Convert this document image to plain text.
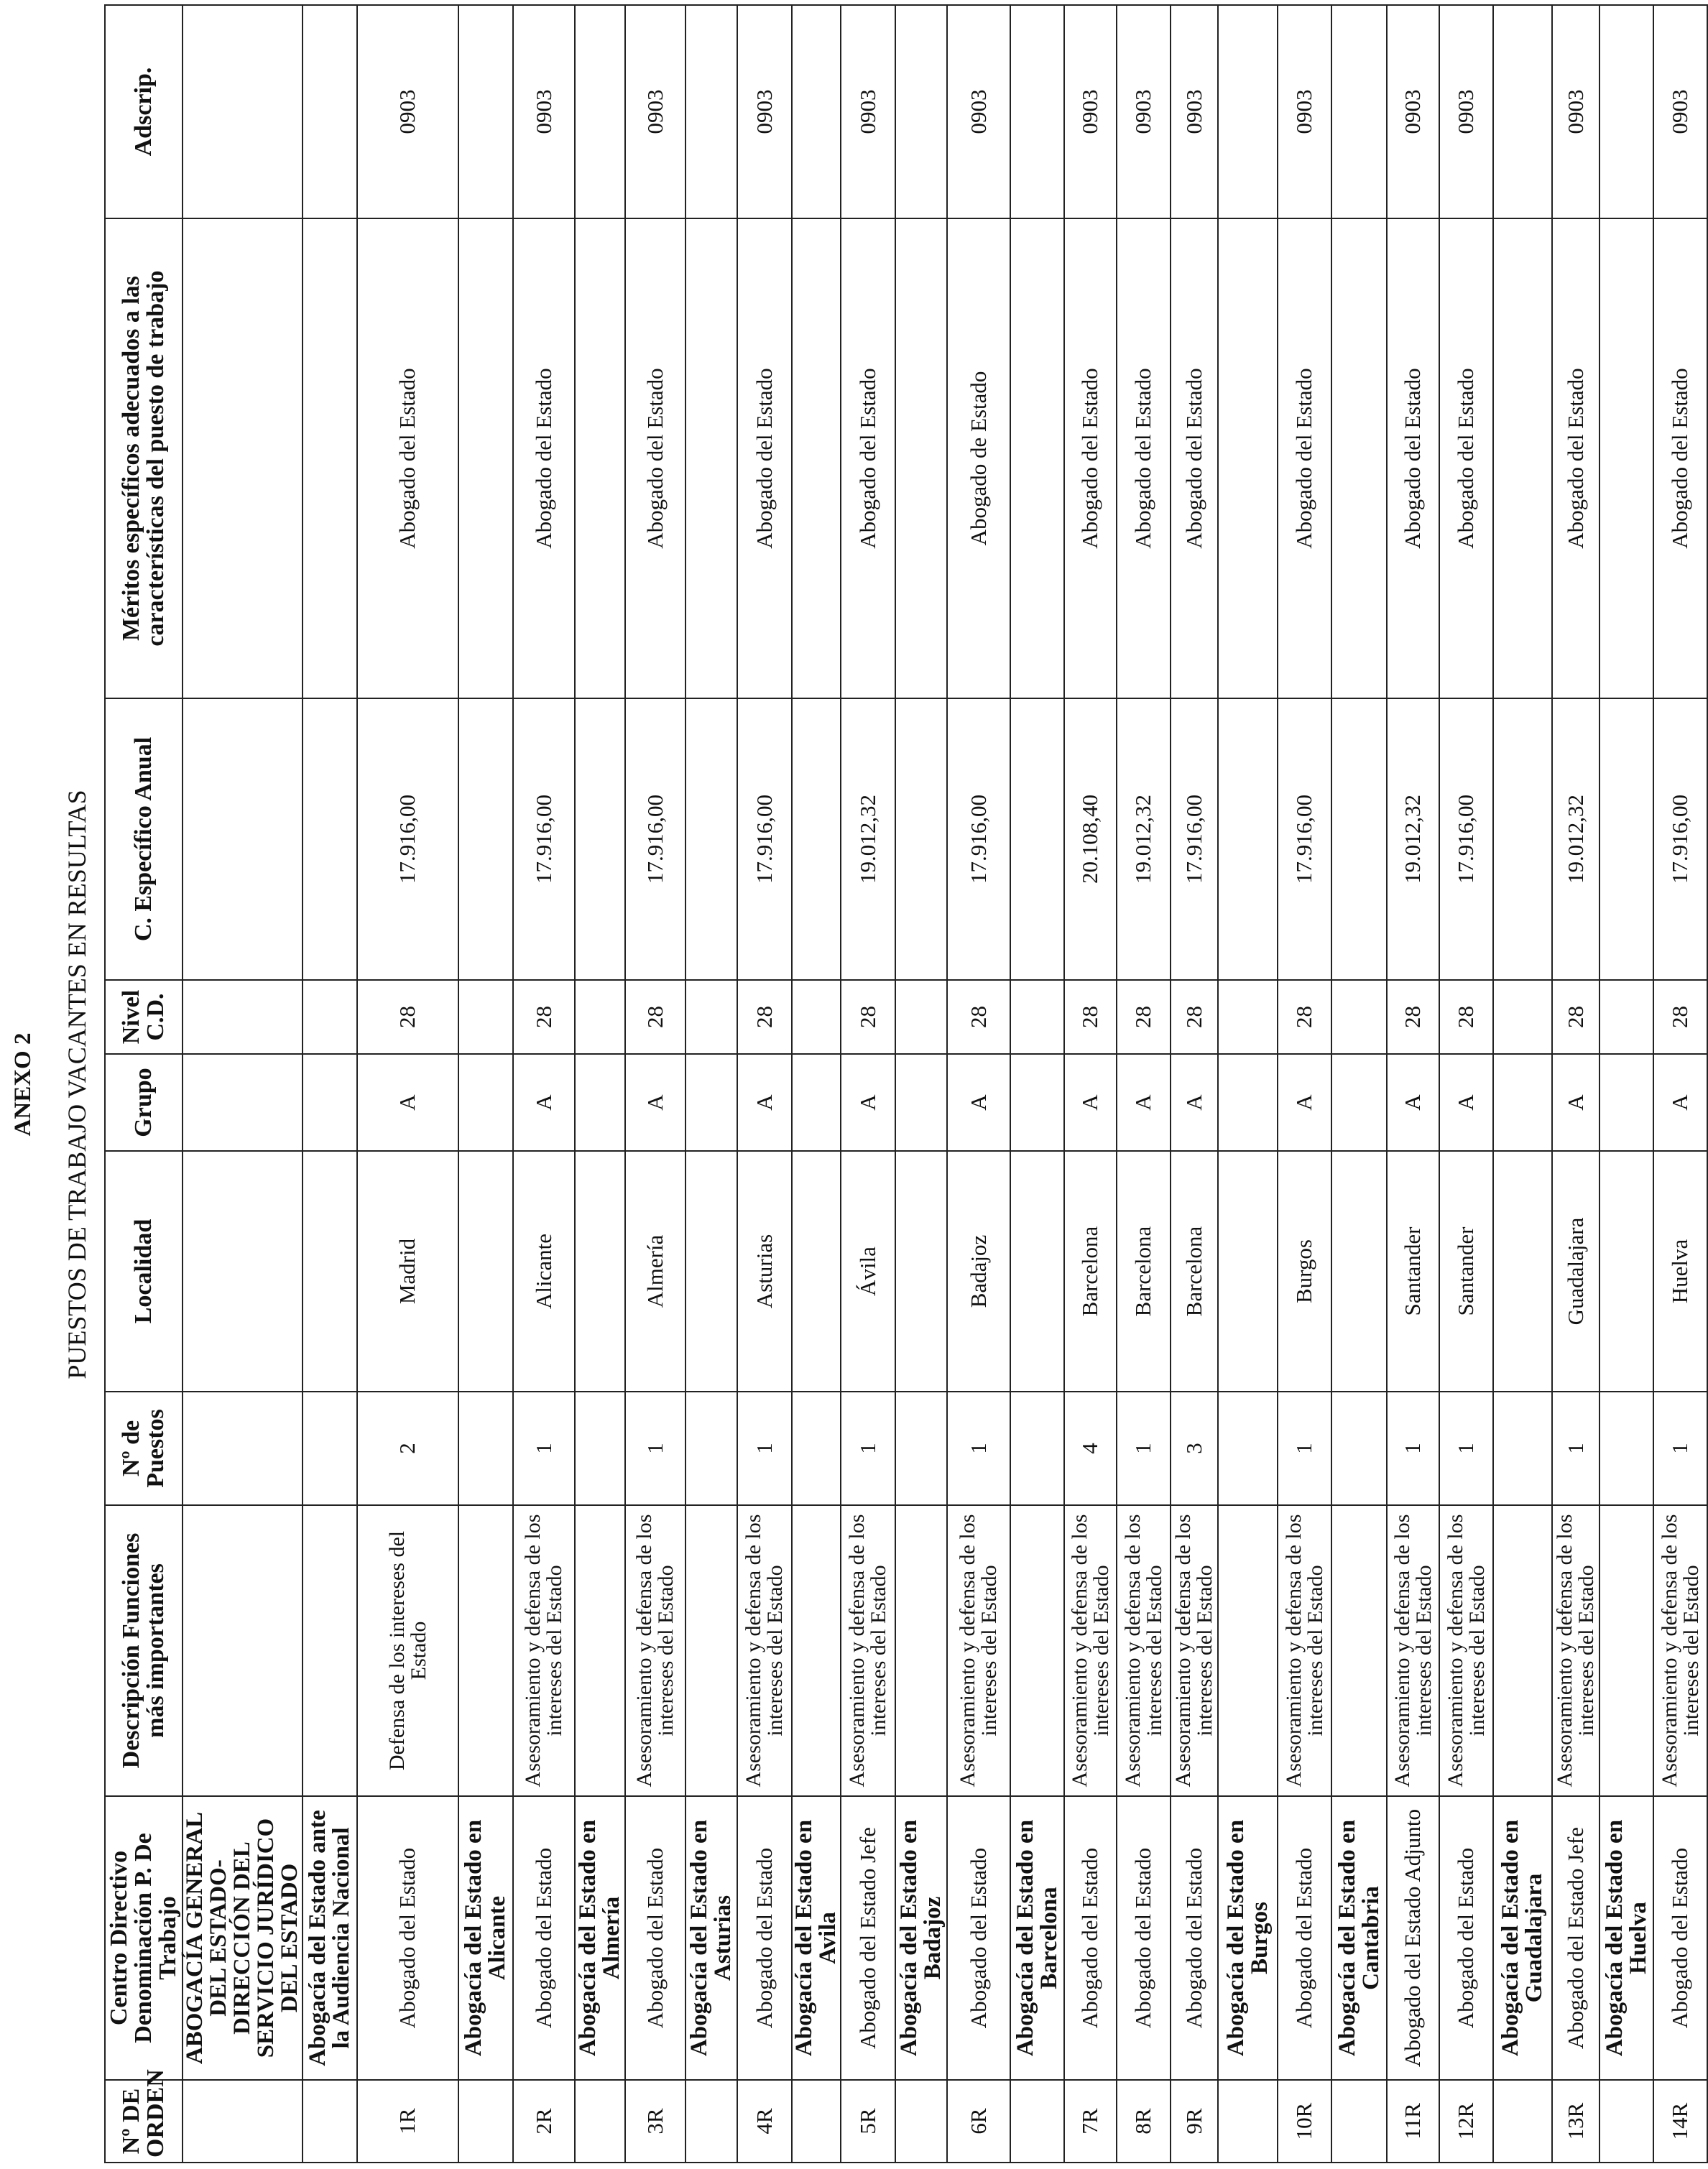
ANEXO 2 PUESTOS DE TRABAJO VACANTES EN RESULTAS
Nº DE ORDEN	Centro Directivo Denominación P. De Trabajo	Descripción Funciones más importantes	Nº de Puestos	Localidad	Grupo	Nivel C.D.	C. Específico Anual	Méritos específicos adecuados a las características del puesto de trabajo	Adscrip.
	ABOGACÍA GENERAL DEL ESTADO-DIRECCIÓN DEL SERVICIO JURÍDICO DEL ESTADO								
	Abogacía del Estado ante la Audiencia Nacional								
1R	Abogado del Estado	Defensa de los intereses del Estado	2	Madrid	A	28	17.916,00	Abogado del Estado	0903
	Abogacía del Estado en Alicante								
2R	Abogado del Estado	Asesoramiento y defensa de los intereses del Estado	1	Alicante	A	28	17.916,00	Abogado del Estado	0903
	Abogacía del Estado en Almería								
3R	Abogado del Estado	Asesoramiento y defensa de los intereses del Estado	1	Almería	A	28	17.916,00	Abogado del Estado	0903
	Abogacía del Estado en Asturias								
4R	Abogado del Estado	Asesoramiento y defensa de los intereses del Estado	1	Asturias	A	28	17.916,00	Abogado del Estado	0903
	Abogacía del Estado en Avila								
5R	Abogado del Estado Jefe	Asesoramiento y defensa de los intereses del Estado	1	Ávila	A	28	19.012,32	Abogado del Estado	0903
	Abogacía del Estado en Badajoz								
6R	Abogado del Estado	Asesoramiento y defensa de los intereses del Estado	1	Badajoz	A	28	17.916,00	Abogado de Estado	0903
	Abogacía del Estado en Barcelona								
7R	Abogado del Estado	Asesoramiento y defensa de los intereses del Estado	4	Barcelona	A	28	20.108,40	Abogado del Estado	0903
8R	Abogado del Estado	Asesoramiento y defensa de los intereses del Estado	1	Barcelona	A	28	19.012,32	Abogado del Estado	0903
9R	Abogado del Estado	Asesoramiento y defensa de los intereses del Estado	3	Barcelona	A	28	17.916,00	Abogado del Estado	0903
	Abogacía del Estado en Burgos								
10R	Abogado del Estado	Asesoramiento y defensa de los intereses del Estado	1	Burgos	A	28	17.916,00	Abogado del Estado	0903
	Abogacía del Estado en Cantabria								
11R	Abogado del Estado Adjunto	Asesoramiento y defensa de los intereses del Estado	1	Santander	A	28	19.012,32	Abogado del Estado	0903
12R	Abogado del Estado	Asesoramiento y defensa de los intereses del Estado	1	Santander	A	28	17.916,00	Abogado del Estado	0903
	Abogacía del Estado en Guadalajara								
13R	Abogado del Estado Jefe	Asesoramiento y defensa de los intereses del Estado	1	Guadalajara	A	28	19.012,32	Abogado del Estado	0903
	Abogacía del Estado en Huelva								
14R	Abogado del Estado	Asesoramiento y defensa de los intereses del Estado	1	Huelva	A	28	17.916,00	Abogado del Estado	0903
